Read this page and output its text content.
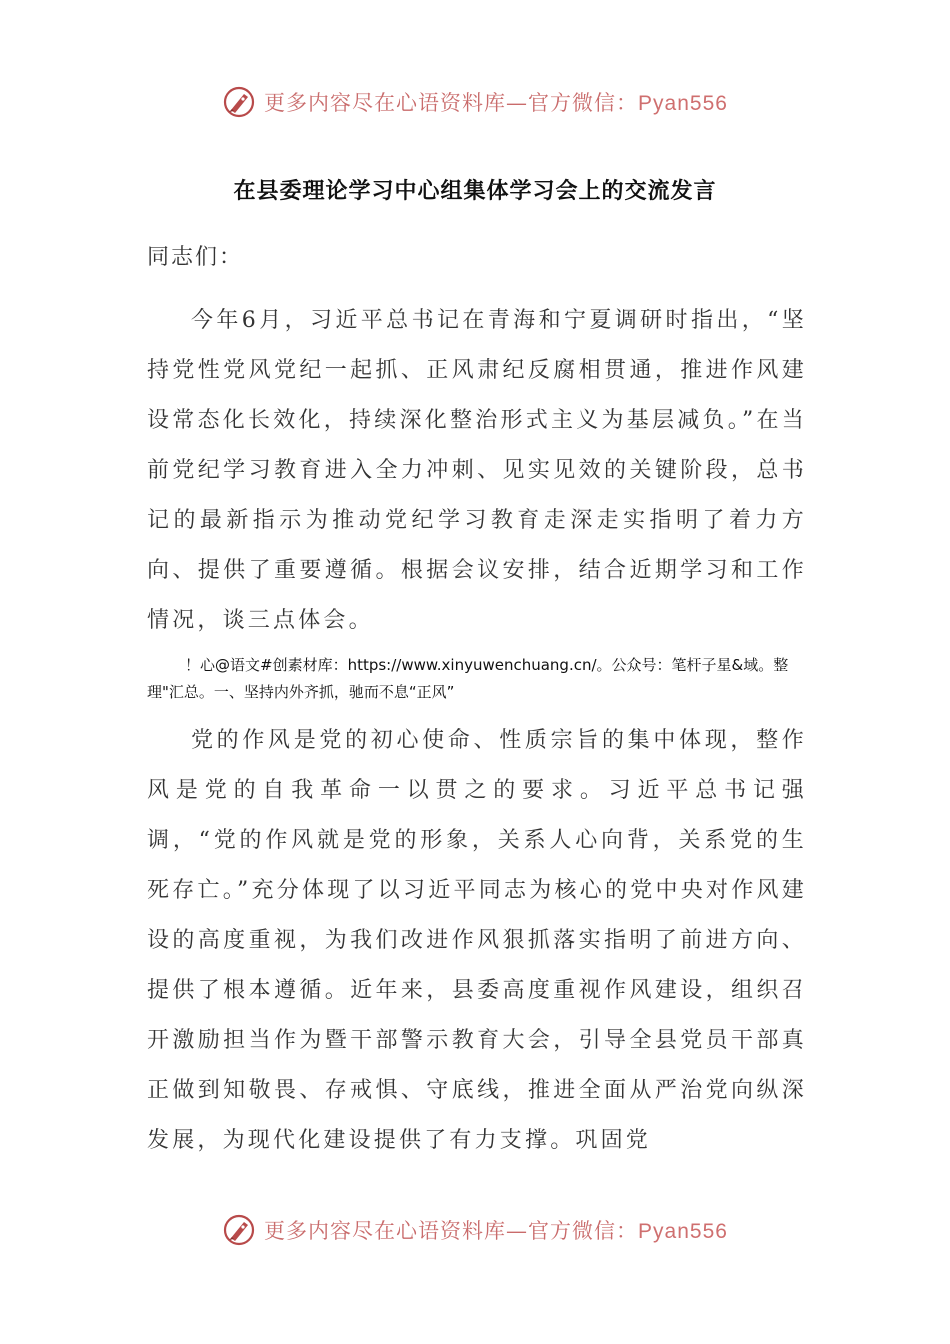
更多内容尽在心语资料库—官方微信：Pyan556
在县委理论学习中心组集体学习会上的交流发言
同志们：

今年6月，习近平总书记在青海和宁夏调研时指出，“坚持党性党风党纪一起抓、正风肃纪反腐相贯通，推进作风建设常态化长效化，持续深化整治形式主义为基层减负。”在当前党纪学习教育进入全力冲刺、见实见效的关键阶段，总书记的最新指示为推动党纪学习教育走深走实指明了着力方向、提供了重要遵循。根据会议安排，结合近期学习和工作情况，谈三点体会。

！心@语文#创素材库：https://www.xinyuwenchuang.cn/。公众号：笔杆子星&域。整理"汇总。一、坚持内外齐抓，驰而不息“正风”

党的作风是党的初心使命、性质宗旨的集中体现，整作风是党的自我革命一以贯之的要求。习近平总书记强调，“党的作风就是党的形象，关系人心向背，关系党的生死存亡。”充分体现了以习近平同志为核心的党中央对作风建设的高度重视，为我们改进作风狠抓落实指明了前进方向、提供了根本遵循。近年来，县委高度重视作风建设，组织召开激励担当作为暨干部警示教育大会，引导全县党员干部真正做到知敬畏、存戒惧、守底线，推进全面从严治党向纵深发展，为现代化建设提供了有力支撑。巩固党

更多内容尽在心语资料库—官方微信：Pyan556
